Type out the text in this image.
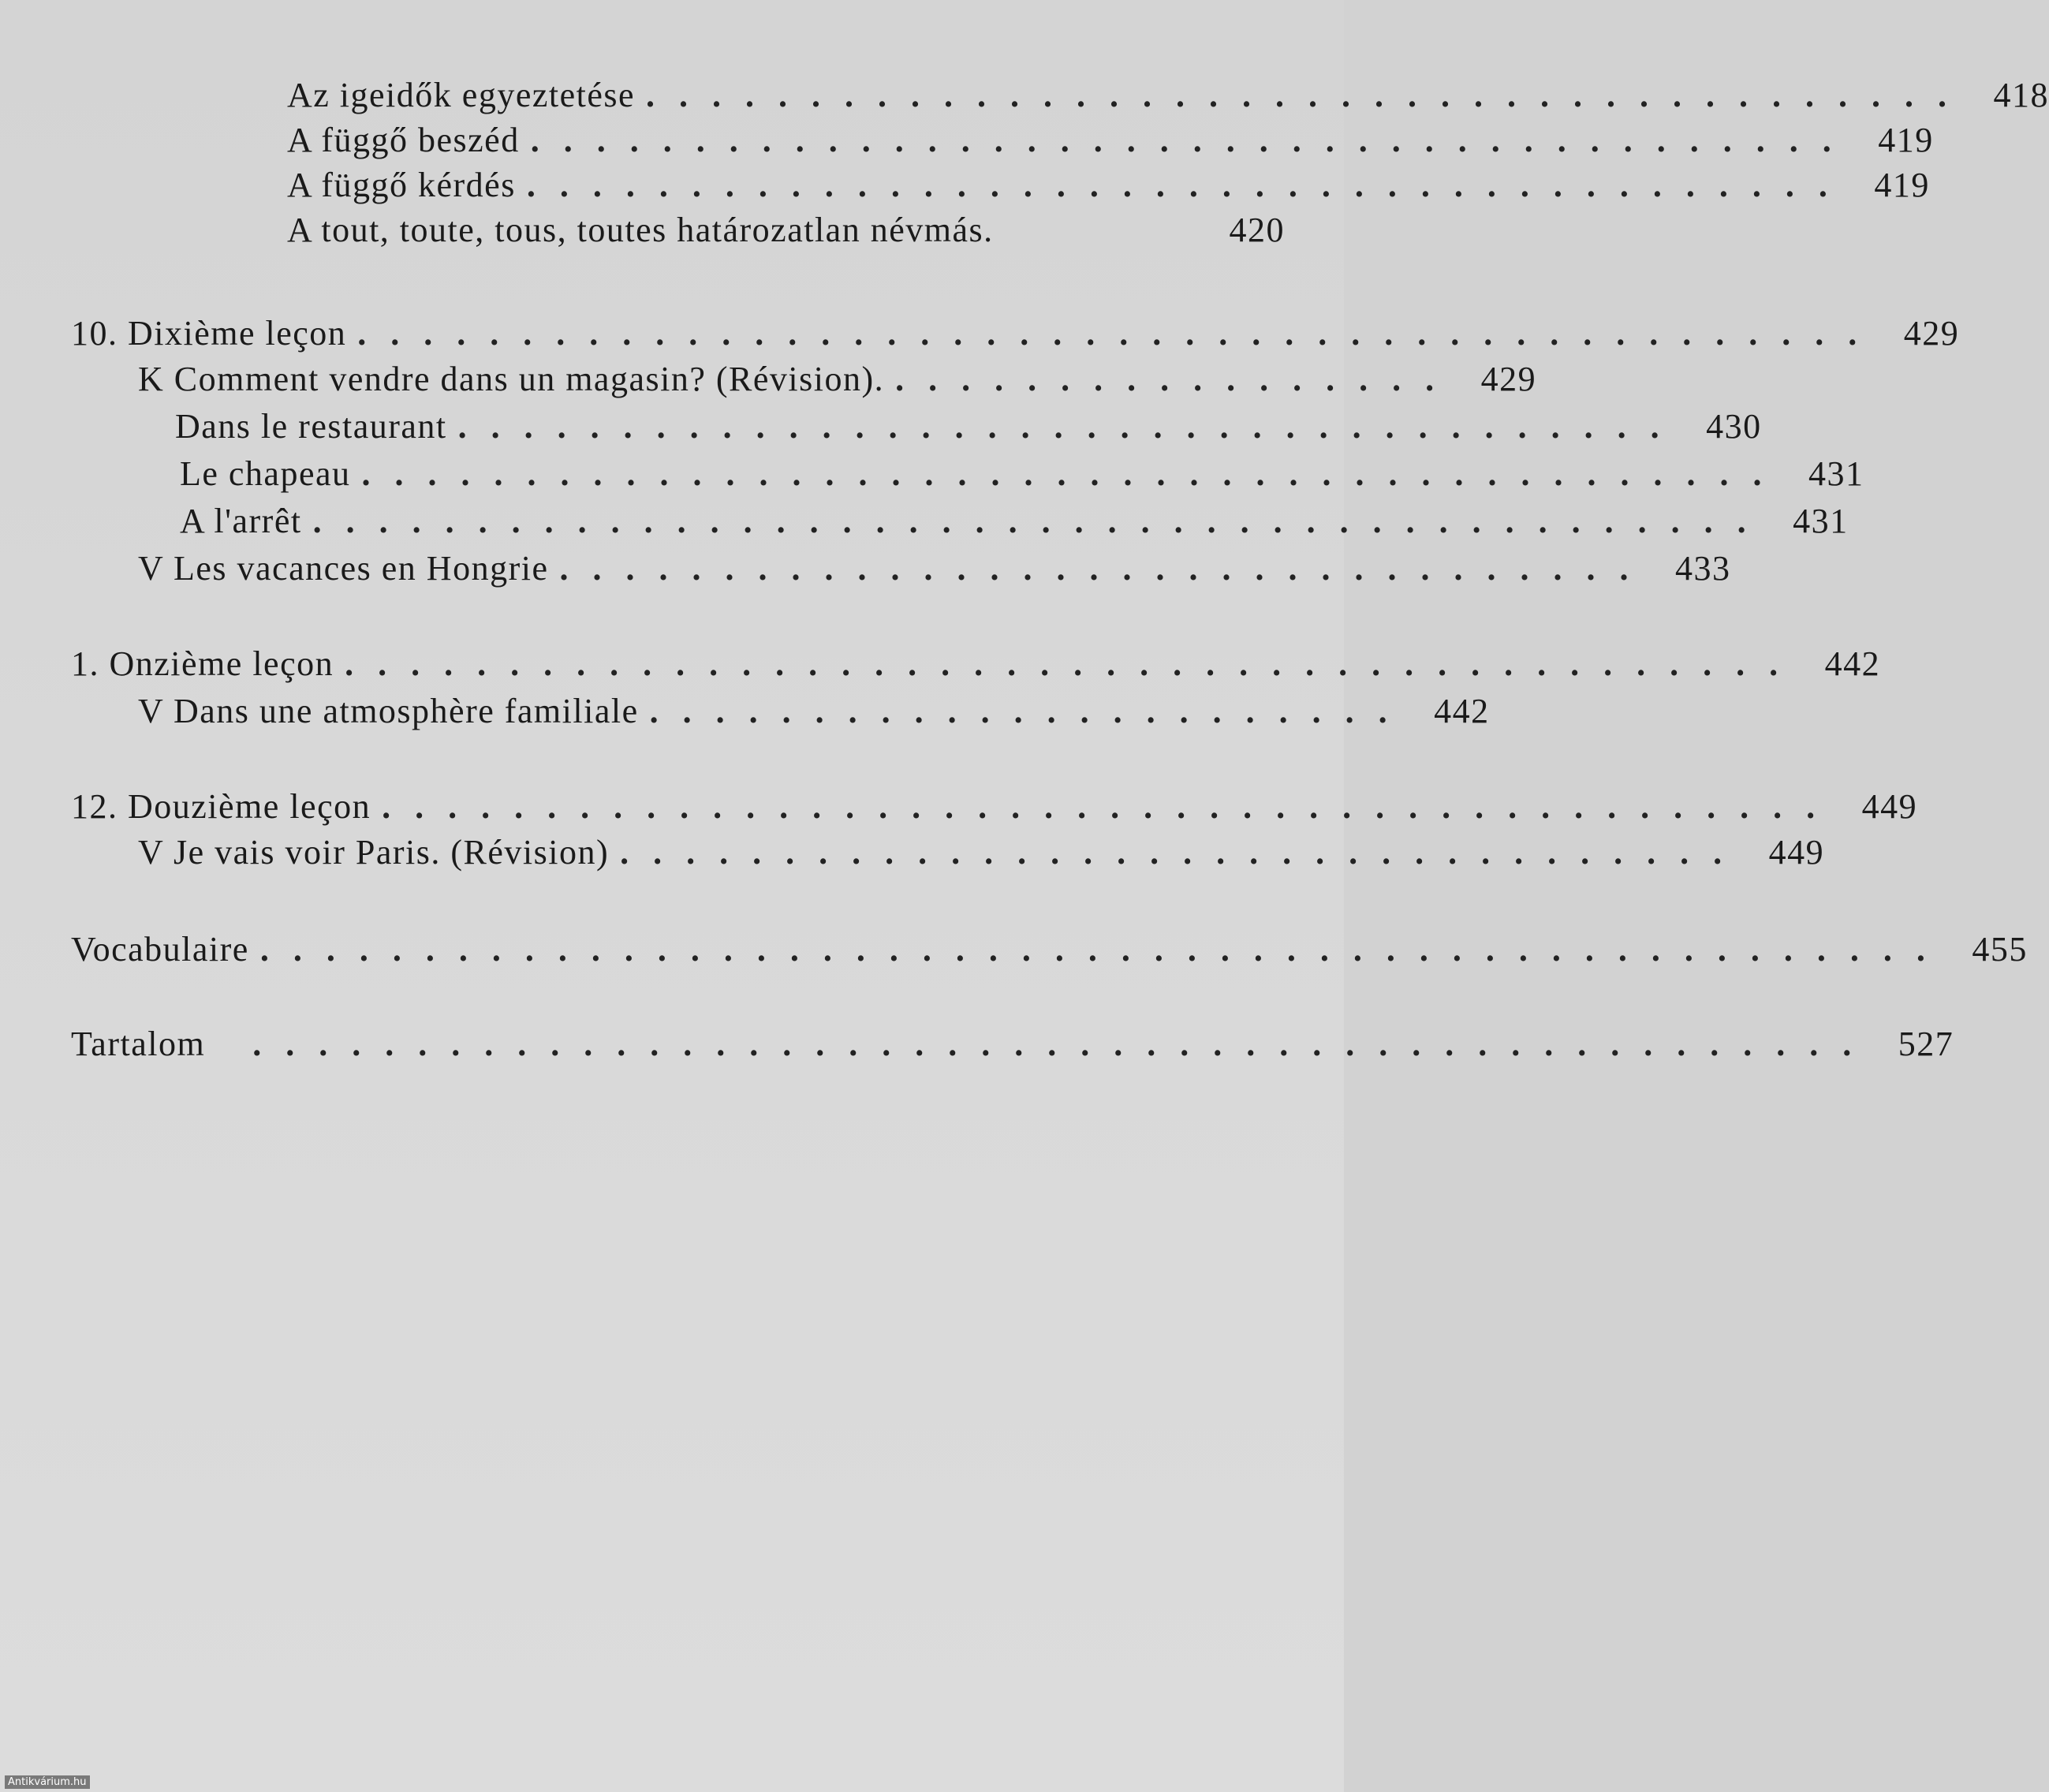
Az igeidők egyeztetése . . . . . . . . . . . . . . . . . . . . . . . . . . . . . . . . . . . . . . . .	418
A függő beszéd . . . . . . . . . . . . . . . . . . . . . . . . . . . . . . . . . . . . . . . .	419
A függő kérdés . . . . . . . . . . . . . . . . . . . . . . . . . . . . . . . . . . . . . . . .	419
A tout, toute, tous, toutes határozatlan névmás.	420
10. Dixième leçon . . . . . . . . . . . . . . . . . . . . . . . . . . . . . . . . . . . . . . . . . . . . . .	429
K Comment vendre dans un magasin? (Révision). . . . . . . . . . . . . . . . . .	429
Dans le restaurant . . . . . . . . . . . . . . . . . . . . . . . . . . . . . . . . . . . . .	430
Le chapeau . . . . . . . . . . . . . . . . . . . . . . . . . . . . . . . . . . . . . . . . . . .	431
A l'arrêt . . . . . . . . . . . . . . . . . . . . . . . . . . . . . . . . . . . . . . . . . . . .	431
V Les vacances en Hongrie . . . . . . . . . . . . . . . . . . . . . . . . . . . . . . . . .	433
1. Onzième leçon . . . . . . . . . . . . . . . . . . . . . . . . . . . . . . . . . . . . . . . . . . . .	442
V Dans une atmosphère familiale . . . . . . . . . . . . . . . . . . . . . . .	442
12. Douzième leçon . . . . . . . . . . . . . . . . . . . . . . . . . . . . . . . . . . . . . . . . . . . .	449
V Je vais voir Paris. (Révision) . . . . . . . . . . . . . . . . . . . . . . . . . . . . . . . . . .	449
Vocabulaire . . . . . . . . . . . . . . . . . . . . . . . . . . . . . . . . . . . . . . . . . . . . . . . . . . .	455
Tartalom	. . . . . . . . . . . . . . . . . . . . . . . . . . . . . . . . . . . . . . . . . . . . . . . . .	527
Antikvárium.hu
